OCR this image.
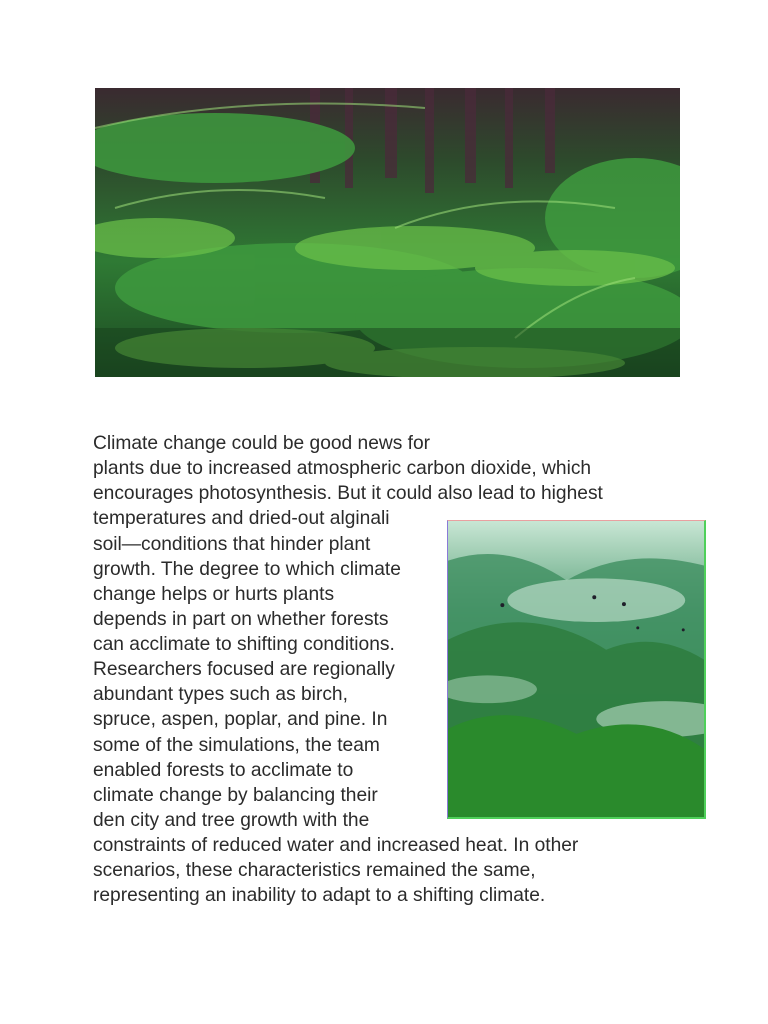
Climate change could be good news for

plants due to increased atmospheric carbon dioxide, which

encourages photosynthesis. But it could also lead to highest

temperatures and dried-out alginali

soil—conditions that hinder plant

growth. The degree to which climate

change helps or hurts plants

depends in part on whether forests

can acclimate to shifting conditions.

Researchers focused are regionally

abundant types such as birch,

spruce, aspen, poplar, and pine. In

some of the simulations, the team

enabled forests to acclimate to

climate change by balancing their

den city and tree growth with the

constraints of reduced water and increased heat. In other

scenarios, these characteristics remained the same,

representing an inability to adapt to a shifting climate.
